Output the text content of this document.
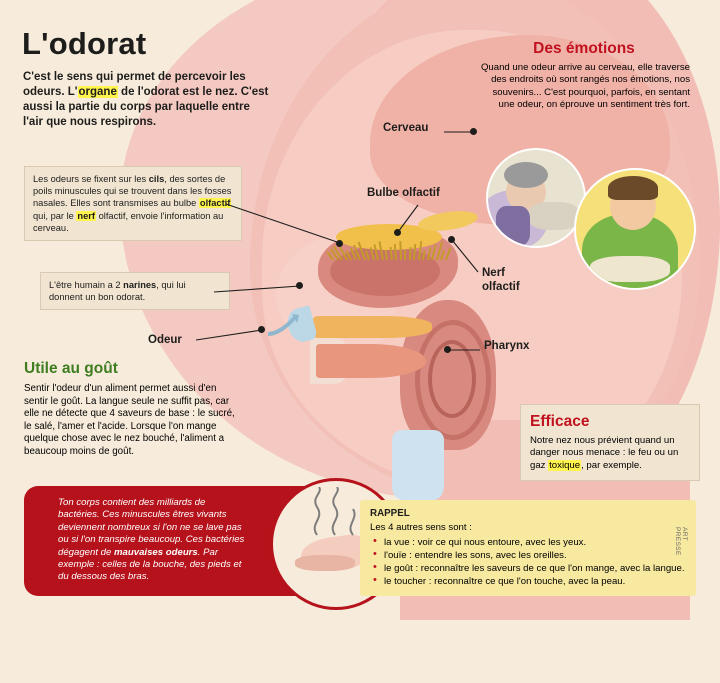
L'odorat
C'est le sens qui permet de percevoir les odeurs. L'organe de l'odorat est le nez. C'est aussi la partie du corps par laquelle entre l'air que nous respirons.
Les odeurs se fixent sur les cils, des sortes de poils minuscules qui se trouvent dans les fosses nasales. Elles sont transmises au bulbe olfactif qui, par le nerf olfactif, envoie l'information au cerveau.
L'être humain a 2 narines, qui lui donnent un bon odorat.
Cerveau
Bulbe olfactif
Nerf
olfactif
Odeur	Pharynx
Des émotions

Quand une odeur arrive au cerveau, elle traverse des endroits où sont rangés nos émotions, nos souvenirs... C'est pourquoi, parfois, en sentant une odeur, on éprouve un sentiment très fort.

Utile au goût

Sentir l'odeur d'un aliment permet aussi d'en sentir le goût. La langue seule ne suffit pas, car elle ne détecte que 4 saveurs de base : le sucré, le salé, l'amer et l'acide. Lorsque l'on mange quelque chose avec le nez bouché, l'aliment a beaucoup moins de goût.

Efficace

Notre nez nous prévient quand un danger nous menace : le feu ou un gaz toxique, par exemple.

Ton corps contient des milliards de bactéries. Ces minuscules êtres vivants deviennent nombreux si l'on ne se lave pas ou si l'on transpire beaucoup. Ces bactéries dégagent de mauvaises odeurs. Par exemple : celles de la bouche, des pieds et du dessous des bras.

RAPPEL
Les 4 autres sens sont :
• la vue : voir ce qui nous entoure, avec les yeux.
• l'ouïe : entendre les sons, avec les oreilles.
• le goût : reconnaître les saveurs de ce que l'on mange, avec la langue.
• le toucher : reconnaître ce que l'on touche, avec la peau.
ART PRESSE
